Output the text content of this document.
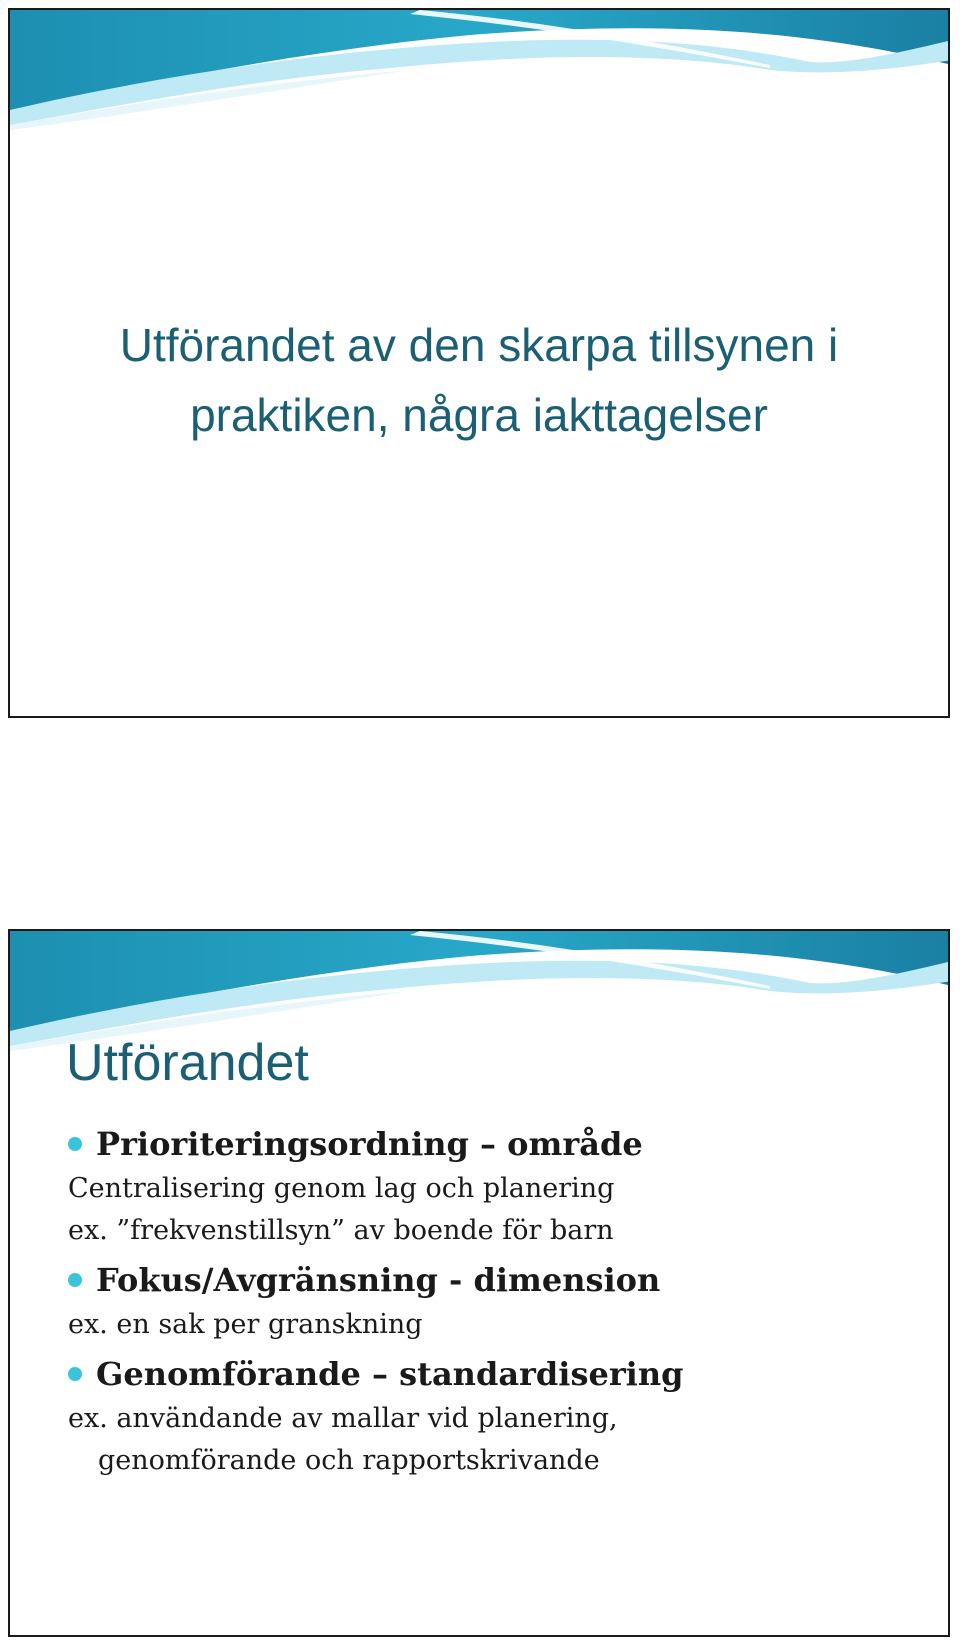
Utförandet av den skarpa tillsynen i
praktiken, några iakttagelser
Utförandet
Prioriteringsordning – område
Centralisering genom lag och planering
ex. ”frekvenstillsyn” av boende för barn
Fokus/Avgränsning - dimension
ex. en sak per granskning
Genomförande – standardisering
ex. användande av mallar vid planering,
genomförande och rapportskrivande
